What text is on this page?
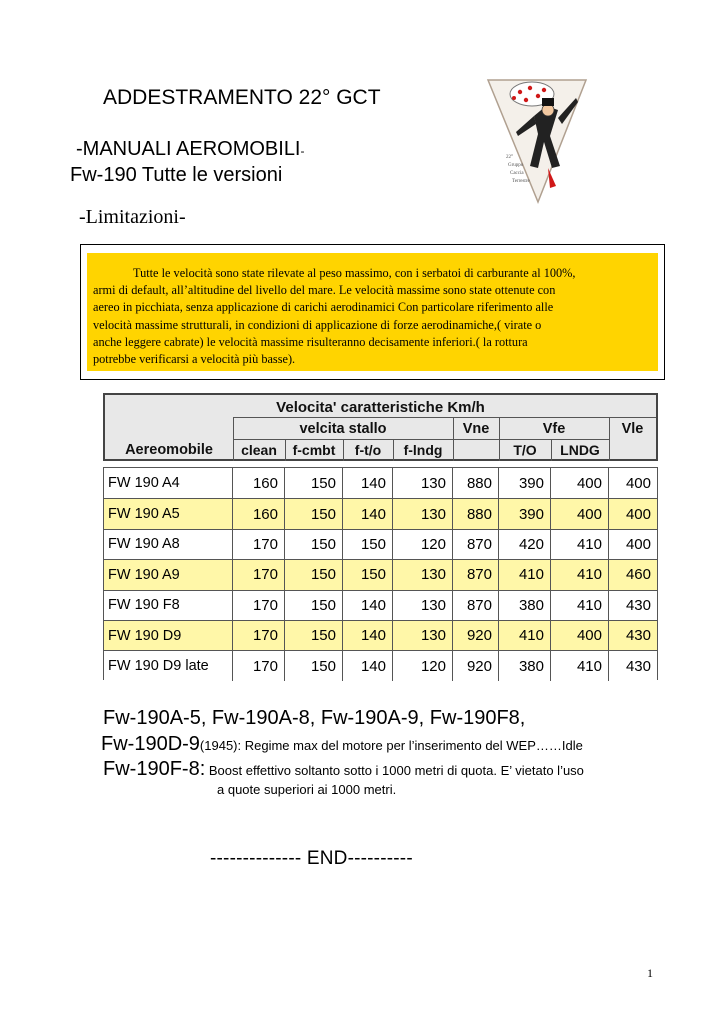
ADDESTRAMENTO 22° GCT
-MANUALI AEROMOBILI-
Fw-190 Tutte le versioni
-Limitazioni-
22°
Gruppo
Caccia
Terrestre
Tutte le velocità sono state rilevate al peso massimo, con i serbatoi di carburante al 100%,
armi di default, all’altitudine del livello del mare. Le velocità massime sono state ottenute con
aereo in picchiata, senza applicazione di carichi aerodinamici Con particolare riferimento alle
velocità massime strutturali, in condizioni di applicazione di forze aerodinamiche,( virate o
anche leggere cabrate) le velocità massime risulteranno decisamente inferiori.( la rottura
potrebbe verificarsi a velocità più basse).
Velocita' caratteristiche Km/h
velcita stallo	Vne	Vfe	Vle
Aereomobile	clean	f-cmbt	f-t/o	f-lndg	T/O	LNDG
FW 190 A4	160	150	140	130	880	390	400	400
FW 190 A5	160	150	140	130	880	390	400	400
FW 190 A8	170	150	150	120	870	420	410	400
FW 190 A9	170	150	150	130	870	410	410	460
FW 190 F8	170	150	140	130	870	380	410	430
FW 190 D9	170	150	140	130	920	410	400	430
FW 190 D9 late	170	150	140	120	920	380	410	430
Fw-190A-5, Fw-190A-8, Fw-190A-9, Fw-190F8,
Fw-190D-9(1945): Regime max del motore per l’inserimento del WEP……Idle
Fw-190F-8: Boost effettivo soltanto sotto i 1000 metri di quota. E’ vietato l’uso
a quote superiori ai 1000 metri.
-------------- END----------
1
